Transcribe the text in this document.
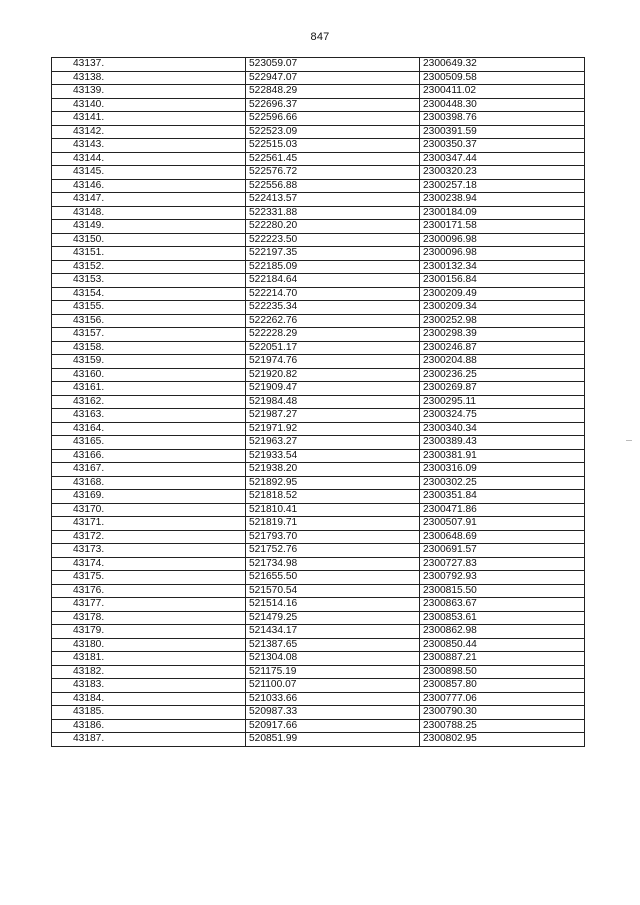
847
43137.	523059.07	2300649.32
43138.	522947.07	2300509.58
43139.	522848.29	2300411.02
43140.	522696.37	2300448.30
43141.	522596.66	2300398.76
43142.	522523.09	2300391.59
43143.	522515.03	2300350.37
43144.	522561.45	2300347.44
43145.	522576.72	2300320.23
43146.	522556.88	2300257.18
43147.	522413.57	2300238.94
43148.	522331.88	2300184.09
43149.	522280.20	2300171.58
43150.	522223.50	2300096.98
43151.	522197.35	2300096.98
43152.	522185.09	2300132.34
43153.	522184.64	2300156.84
43154.	522214.70	2300209.49
43155.	522235.34	2300209.34
43156.	522262.76	2300252.98
43157.	522228.29	2300298.39
43158.	522051.17	2300246.87
43159.	521974.76	2300204.88
43160.	521920.82	2300236.25
43161.	521909.47	2300269.87
43162.	521984.48	2300295.11
43163.	521987.27	2300324.75
43164.	521971.92	2300340.34
43165.	521963.27	2300389.43
43166.	521933.54	2300381.91
43167.	521938.20	2300316.09
43168.	521892.95	2300302.25
43169.	521818.52	2300351.84
43170.	521810.41	2300471.86
43171.	521819.71	2300507.91
43172.	521793.70	2300648.69
43173.	521752.76	2300691.57
43174.	521734.98	2300727.83
43175.	521655.50	2300792.93
43176.	521570.54	2300815.50
43177.	521514.16	2300863.67
43178.	521479.25	2300853.61
43179.	521434.17	2300862.98
43180.	521387.65	2300850.44
43181.	521304.08	2300887.21
43182.	521175.19	2300898.50
43183.	521100.07	2300857.80
43184.	521033.66	2300777.06
43185.	520987.33	2300790.30
43186.	520917.66	2300788.25
43187.	520851.99	2300802.95
